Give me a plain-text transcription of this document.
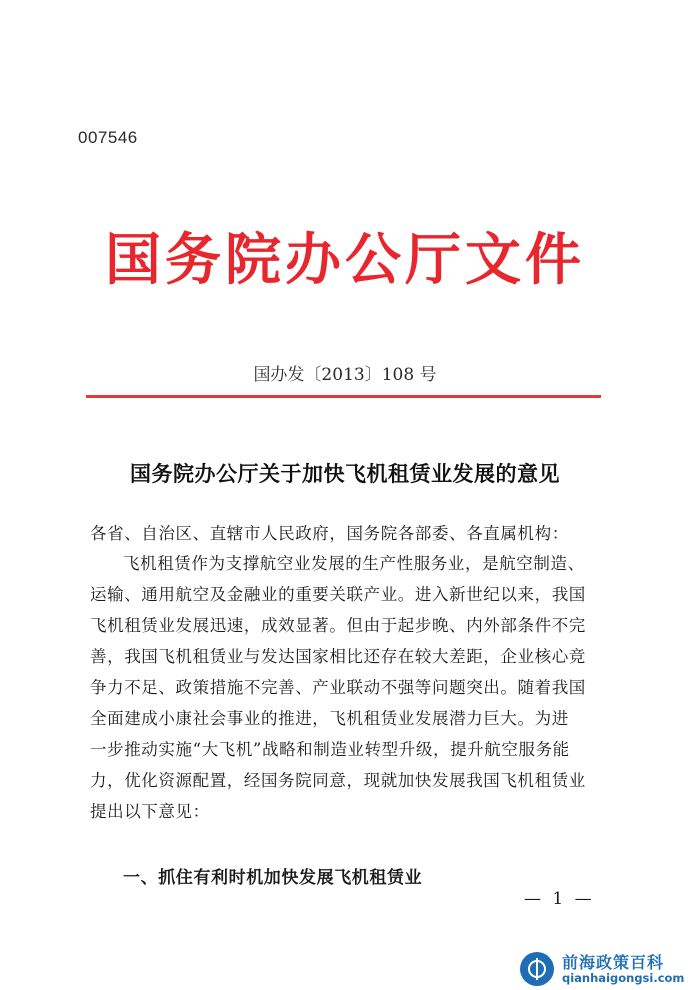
007546
国务院办公厅文件
国办发〔2013〕108 号
国务院办公厅关于加快飞机租赁业发展的意见
各省、自治区、直辖市人民政府，国务院各部委、各直属机构：
飞机租赁作为支撑航空业发展的生产性服务业，是航空制造、
运输、通用航空及金融业的重要关联产业。进入新世纪以来，我国
飞机租赁业发展迅速，成效显著。但由于起步晚、内外部条件不完
善，我国飞机租赁业与发达国家相比还存在较大差距，企业核心竞
争力不足、政策措施不完善、产业联动不强等问题突出。随着我国
全面建成小康社会事业的推进，飞机租赁业发展潜力巨大。为进
一步推动实施“大飞机”战略和制造业转型升级，提升航空服务能
力，优化资源配置，经国务院同意，现就加快发展我国飞机租赁业
提出以下意见：
一、抓住有利时机加快发展飞机租赁业
— 1 —
前海政策百科
qianhaigongsi.com
